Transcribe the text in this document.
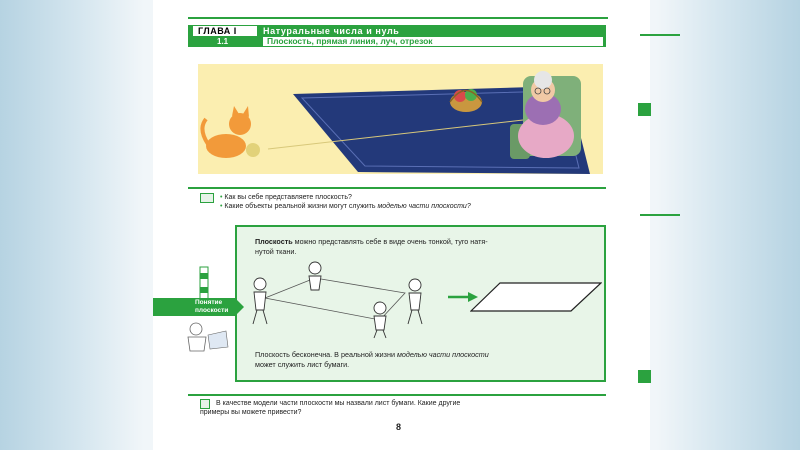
ГЛАВА I	Натуральные числа и нуль
1.1	Плоскость, прямая линия, луч, отрезок
• Как вы себе представляете плоскость?
• Какие объекты реальной жизни могут служить моделью части плоскости?
Плоскость можно представлять себе в виде очень тонкой, туго натя-
нутой ткани.
Плоскость бесконечна. В реальной жизни моделью части плоскости
может служить лист бумаги.
Понятие
плоскости
В качестве модели части плоскости мы назвали лист бумаги. Какие другие
примеры вы можете привести?
8
